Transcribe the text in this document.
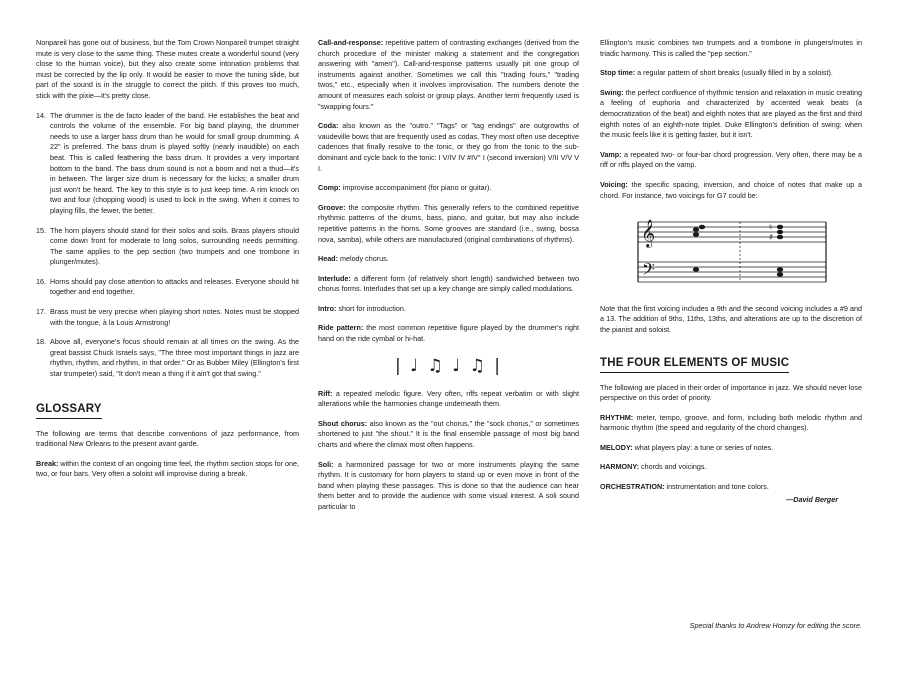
Nonpareil has gone out of business, but the Tom Crown Nonpareil trumpet straight mute is very close to the same thing. These mutes create a wonderful sound (very close to the human voice), but they also create some intonation problems that must be corrected by the lip only. It would be easier to move the tuning slide, but part of the sound is in the struggle to correct the pitch. If this proves too much, stick with the pixie—it's pretty close.

14. The drummer is the de facto leader of the band. He establishes the beat and controls the volume of the ensemble. For big band playing, the drummer needs to use a larger bass drum than he would for small group drumming. A 22" is preferred. The bass drum is played softly (nearly inaudible) on each beat. This is called feathering the bass drum. It provides a very important bottom to the band. The bass drum sound is not a boom and not a thud—it's in between. The larger size drum is necessary for the kicks; a smaller drum just won't be heard. The key to this style is to just keep time. A rim knock on two and four (chopping wood) is used to lock in the swing. When it comes to playing fills, the fewer, the better.
15. The horn players should stand for their solos and soils. Brass players should come down front for moderate to long solos, surrounding needs permitting. The same applies to the pep section (two trumpets and one trombone in plunger/mutes).
16. Horns should pay close attention to attacks and releases. Everyone should hit together and end together.
17. Brass must be very precise when playing short notes. Notes must be stopped with the tongue, à la Louis Armstrong!
18. Above all, everyone's focus should remain at all times on the swing. As the great bassist Chuck Israels says, "The three most important things in jazz are rhythm, rhythm, and rhythm, in that order." Or as Bubber Miley (Ellington's first star trumpeter) said, "It don't mean a thing if it ain't got that swing."
GLOSSARY

The following are terms that describe conventions of jazz performance, from traditional New Orleans to the present avant garde.

Break: within the context of an ongoing time feel, the rhythm section stops for one, two, or four bars. Very often a soloist will improvise during a break.

Call-and-response: repetitive pattern of contrasting exchanges (derived from the church procedure of the minister making a statement and the congregation answering with "amen"). Call-and-response patterns usually pit one group of instruments against another. Sometimes we call this "trading fours," "trading twos," etc., especially when it involves improvisation. The numbers denote the amount of measures each soloist or group plays. Another term frequently used is "swapping fours."

Coda: also known as the "outro." "Tags" or "tag endings" are outgrowths of vaudeville bows that are frequently used as codas. They most often use deceptive cadences that finally resolve to the tonic, or they go from the tonic to the sub-dominant and cycle back to the tonic: I V/IV IV #IV° I (second inversion) V/II V/V V I.

Comp: improvise accompaniment (for piano or guitar).

Groove: the composite rhythm. This generally refers to the combined repetitive rhythmic patterns of the drums, bass, piano, and guitar, but may also include repetitive patterns in the horns. Some grooves are standard (i.e., swing, bossa nova, samba), while others are manufactured (original combinations of rhythms).

Head: melody chorus.

Interlude: a different form (of relatively short length) sandwiched between two chorus forms. Interludes that set up a key change are simply called modulations.

Intro: short for introduction.

Ride pattern: the most common repetitive figure played by the drummer's right hand on the ride cymbal or hi-hat.

| ♩ ♫ ♩ ♫ |

Riff: a repeated melodic figure. Very often, riffs repeat verbatim or with slight alterations while the harmonies change underneath them.

Shout chorus: also known as the "out chorus," the "sock chorus," or sometimes shortened to just "the shout." It is the final ensemble passage of most big band charts and where the climax most often happens.

Soli: a harmonized passage for two or more instruments playing the same rhythm. It is customary for horn players to stand up or even move in front of the band when playing these passages. This is done so that the audience can hear them better and to provide the audience with some visual interest. A soli sound particular to

Ellington's music combines two trumpets and a trombone in plungers/mutes in triadic harmony. This is called the "pep section."

Stop time: a regular pattern of short breaks (usually filled in by a soloist).

Swing: the perfect confluence of rhythmic tension and relaxation in music creating a feeling of euphoria and characterized by accented weak beats (a democratization of the beat) and eighth notes that are played as the first and third eighth notes of an eighth-note triplet. Duke Ellington's definition of swing: when the music feels like it is getting faster, but it isn't.

Vamp: a repeated two- or four-bar chord progression. Very often, there may be a riff or riffs played on the vamp.

Voicing: the specific spacing, inversion, and choice of notes that make up a chord. For instance, two voicings for G7 could be:

𝄞
𝄢
♯
♮

Note that the first voicing includes a 9th and the second voicing includes a #9 and a 13. The addition of 9ths, 11ths, 13ths, and alterations are up to the discretion of the pianist and soloist.

THE FOUR ELEMENTS OF MUSIC

The following are placed in their order of importance in jazz. We should never lose perspective on this order of priority.

RHYTHM: meter, tempo, groove, and form, including both melodic rhythm and harmonic rhythm (the speed and regularity of the chord changes).

MELODY: what players play: a tune or series of notes.

HARMONY: chords and voicings.

ORCHESTRATION: instrumentation and tone colors.

—David Berger
Special thanks to Andrew Homzy for editing the score.
